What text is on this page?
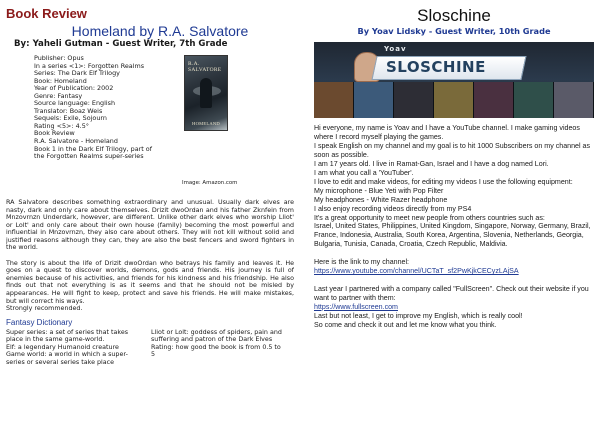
Book Review
Homeland by R.A. Salvatore
By: Yaheli Gutman - Guest Writer, 7th Grade
Publisher: Opus
In a series <1>: Forgotten Realms
Series: The Dark Elf Trilogy
Book: Homeland
Year of Publication: 2002
Genre: Fantasy
Source language: English
Translator: Boaz Weis
Sequels: Exile, Sojourn
Rating <5>: 4.5°
Book Review
R.A. Salvatore - Homeland
Book 1 in the Dark Elf Trilogy, part of
the Forgotten Realms super-series
R.A. SALVATORE
HOMELAND
Image: Amazon.com
RA Salvatore describes something extraordinary and unusual. Usually dark elves are nasty, dark and only care about themselves. Drizit dwoOrdan and his father Zknfein from Mnzovrnzn Underdark, however, are different. Unlike other dark elves who worship Lliot' or Lolt' and only care about their own house (family) becoming the most powerful and influential in Mnzovrnzn, they also care about others. They will not kill without solid and justified reasons although they can, they are also the best fencers and sword fighters in the world.
The story is about the life of Drizit dwoOrdan who betrays his family and leaves it. He goes on a quest to discover worlds, demons, gods and friends. His journey is full of enemies because of his activities, and friends for his kindness and his friendship. He also finds out that not everything is as it seems and that he should not be misled by appearances. He will fight to keep, protect and save his friends. He will make mistakes, but will correct his ways.
Strongly recommended.
Fantasy Dictionary
Super series: a set of series that takes place in the same game-world.
Elf: a legendary Humanoid creature
Game world: a world in which a super-series or several series take place
Lliot or Lolt: goddess of spiders, pain and suffering and patron of the Dark Elves
Rating: how good the book is from 0.5 to 5
Sloschine
By Yoav Lidsky - Guest Writer, 10th Grade
SLOSCHINE
Yoav

Hi everyone, my name is Yoav and I have a YouTube channel. I make gaming videos where I record myself playing the games.

I speak English on my channel and my goal is to hit 1000 Subscribers on my channel as soon as possible.

I am 17 years old. I live in Ramat-Gan, Israel and I have a dog named Lori.

I am what you call a 'YouTuber'.

I love to edit and make videos, for editing my videos I use the following equipment:

My microphone - Blue Yeti with Pop Filter

My headphones - White Razer headphone

I also enjoy recording videos directly from my PS4

It's a great opportunity to meet new people from others countries such as:

Israel, United States, Philippines, United Kingdom, Singapore, Norway, Germany, Brazil, France, Indonesia, Australia, South Korea, Argentina, Slovenia, Netherlands, Georgia, Bulgaria, Tunisia, Canada, Croatia, Czech Republic, Maldivia.

Here is the link to my channel:

https://www.youtube.com/channel/UCTaT_sf2PwKjkCECyzLAjSA

Last year I partnered with a company called "FullScreen". Check out their website if you want to partner with them:

https://www.fullscreen.com

Last but not least, I get to improve my English, which is really cool!

So come and check it out and let me know what you think.
